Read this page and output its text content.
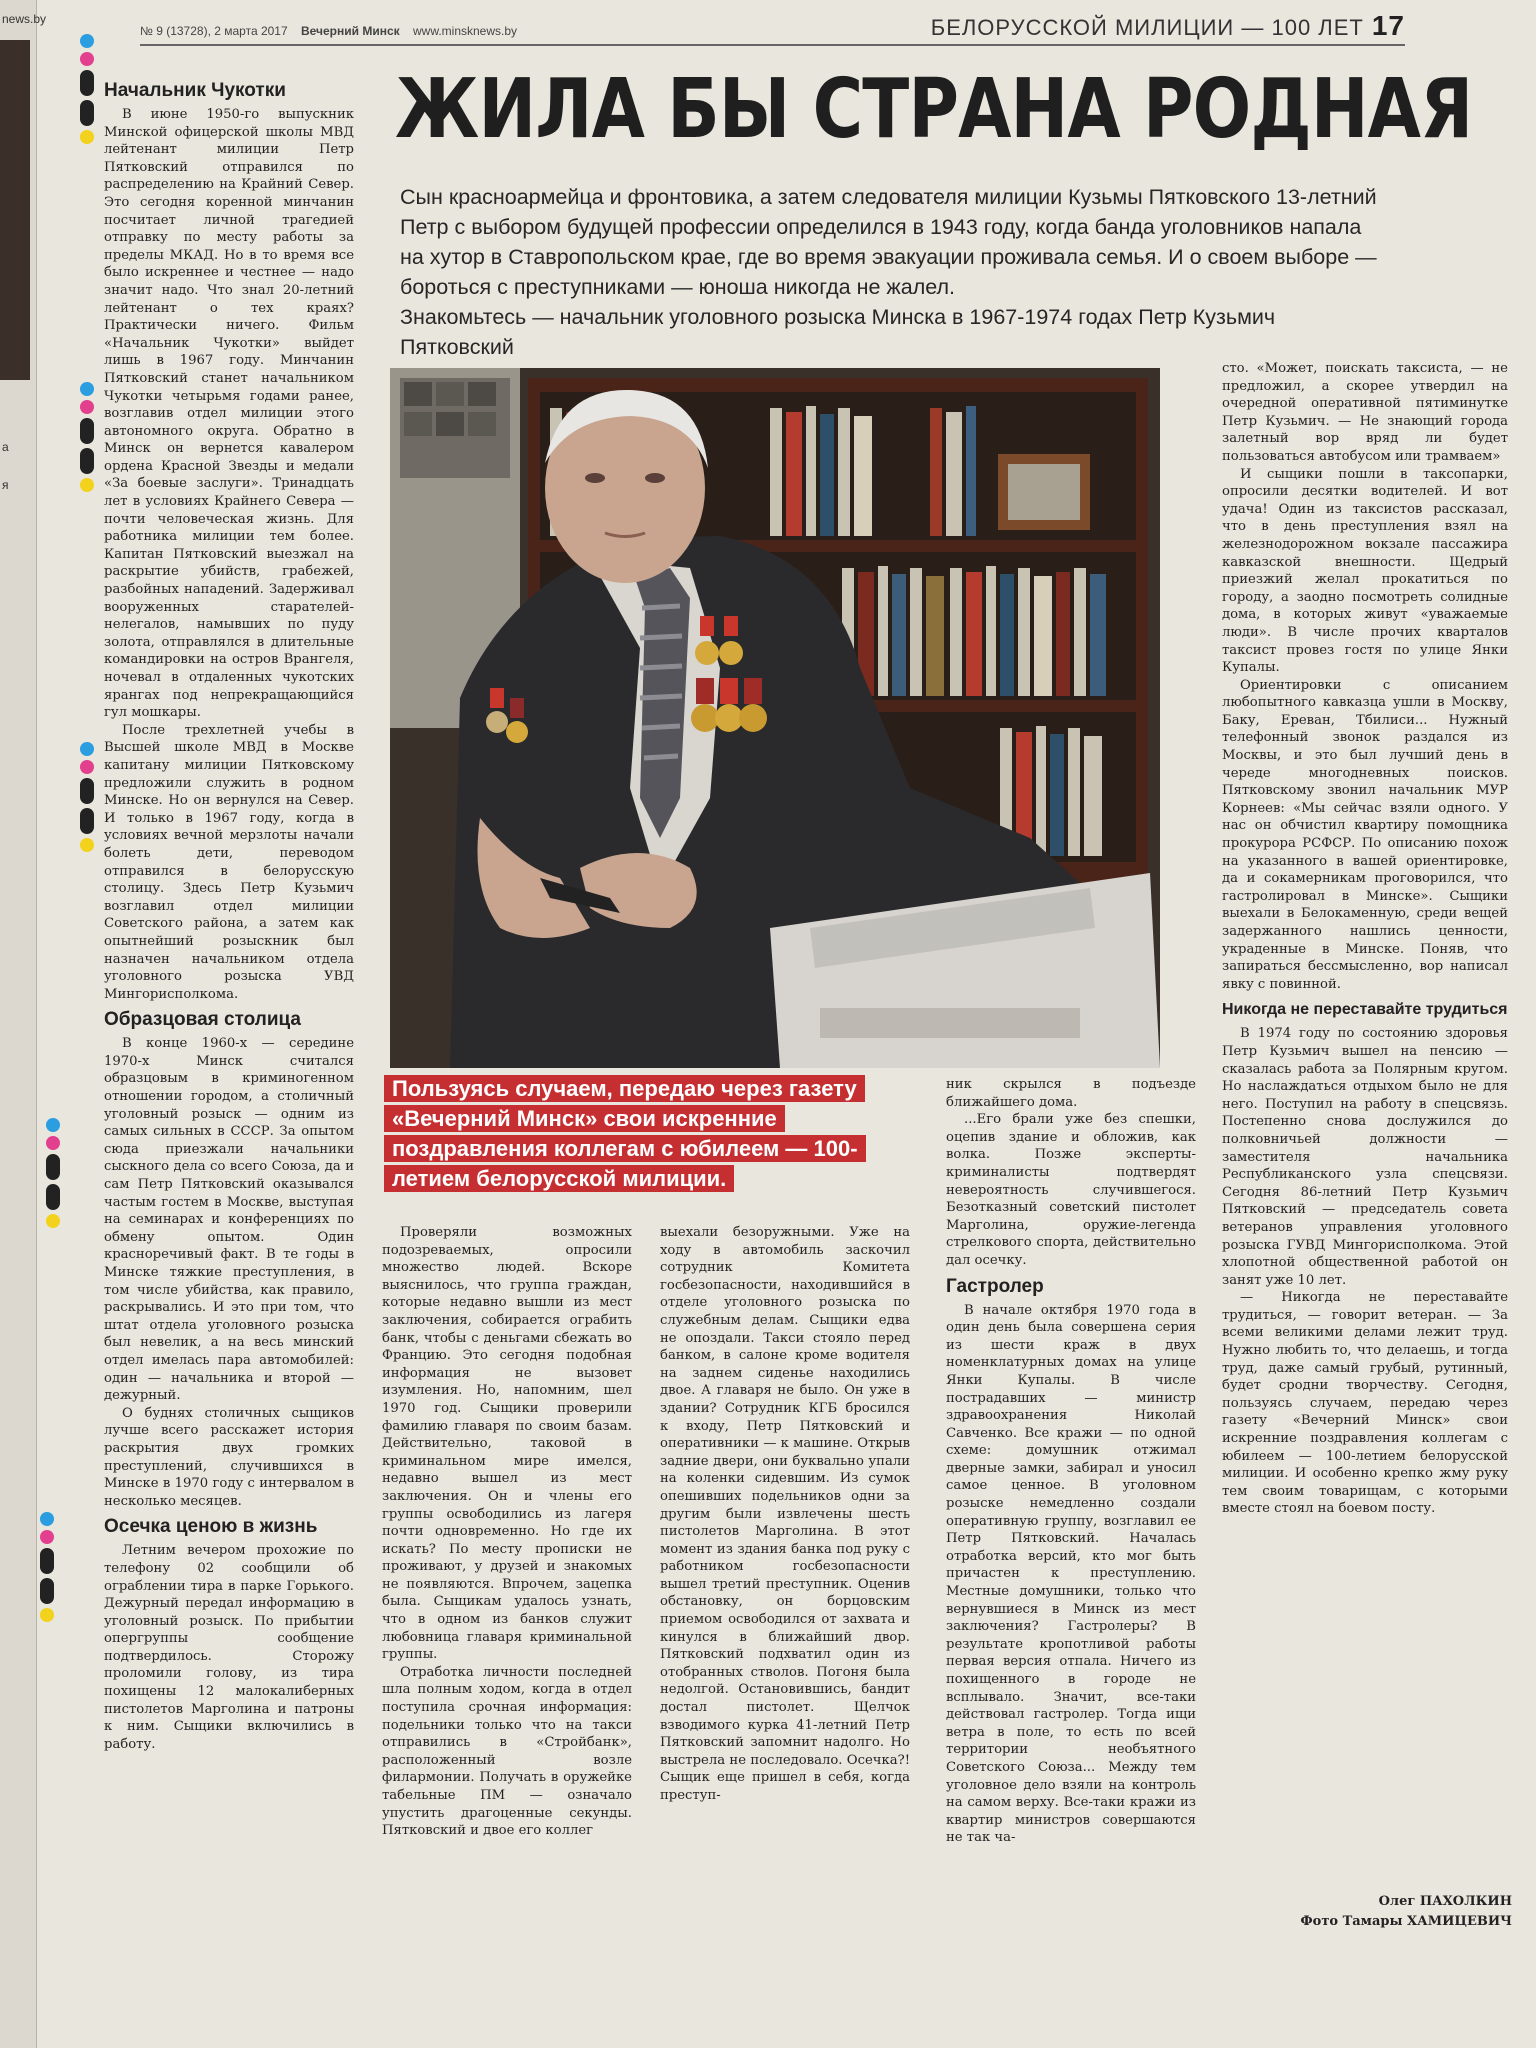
news.by
а
я
№ 9 (13728), 2 марта 2017 Вечерний Минск www.minsknews.by	БЕЛОРУССКОЙ МИЛИЦИИ — 100 ЛЕТ 17
ЖИЛА БЫ СТРАНА РОДНАЯ

Сын красноармейца и фронтовика, а затем следователя милиции Кузьмы Пятковского 13-летний Петр с выбором будущей профессии определился в 1943 году, когда банда уголовников напала на хутор в Ставропольском крае, где во время эвакуации проживала семья. И о своем выборе — бороться с преступниками — юноша никогда не жалел.

Знакомьтесь — начальник уголовного розыска Минска в 1967-1974 годах Петр Кузьмич Пятковский

Начальник Чукотки

В июне 1950-го выпускник Минской офицерской школы МВД лейтенант милиции Петр Пятковский отправился по распределению на Крайний Север. Это сегодня коренной минчанин посчитает личной трагедией отправку по месту работы за пределы МКАД. Но в то время все было искреннее и честнее — надо значит надо. Что знал 20-летний лейтенант о тех краях? Практически ничего. Фильм «Начальник Чукотки» выйдет лишь в 1967 году. Минчанин Пятковский станет начальником Чукотки четырьмя годами ранее, возглавив отдел милиции этого автономного округа. Обратно в Минск он вернется кавалером ордена Красной Звезды и медали «За боевые заслуги». Тринадцать лет в условиях Крайнего Севера — почти человеческая жизнь. Для работника милиции тем более. Капитан Пятковский выезжал на раскрытие убийств, грабежей, разбойных нападений. Задерживал вооруженных старателей-нелегалов, намывших по пуду золота, отправлялся в длительные командировки на остров Врангеля, ночевал в отдаленных чукотских ярангах под непрекращающийся гул мошкары.

После трехлетней учебы в Высшей школе МВД в Москве капитану милиции Пятковскому предложили служить в родном Минске. Но он вернулся на Север. И только в 1967 году, когда в условиях вечной мерзлоты начали болеть дети, переводом отправился в белорусскую столицу. Здесь Петр Кузьмич возглавил отдел милиции Советского района, а затем как опытнейший розыскник был назначен начальником отдела уголовного розыска УВД Мингорисполкома.

Образцовая столица

В конце 1960-х — середине 1970-х Минск считался образцовым в криминогенном отношении городом, а столичный уголовный розыск — одним из самых сильных в СССР. За опытом сюда приезжали начальники сыскного дела со всего Союза, да и сам Петр Пятковский оказывался частым гостем в Москве, выступая на семинарах и конференциях по обмену опытом. Один красноречивый факт. В те годы в Минске тяжкие преступления, в том числе убийства, как правило, раскрывались. И это при том, что штат отдела уголовного розыска был невелик, а на весь минский отдел имелась пара автомобилей: один — начальника и второй — дежурный.

О буднях столичных сыщиков лучше всего расскажет история раскрытия двух громких преступлений, случившихся в Минске в 1970 году с интервалом в несколько месяцев.

Осечка ценою в жизнь

Летним вечером прохожие по телефону 02 сообщили об ограблении тира в парке Горького. Дежурный передал информацию в уголовный розыск. По прибытии опергруппы сообщение подтвердилось. Сторожу проломили голову, из тира похищены 12 малокалиберных пистолетов Марголина и патроны к ним. Сыщики включились в работу.

Пользуясь случаем, передаю через газету «Вечерний Минск» свои искренние поздравления коллегам с юбилеем — 100-летием белорусской милиции.

Проверяли возможных подозреваемых, опросили множество людей. Вскоре выяснилось, что группа граждан, которые недавно вышли из мест заключения, собирается ограбить банк, чтобы с деньгами сбежать во Францию. Это сегодня подобная информация не вызовет изумления. Но, напомним, шел 1970 год. Сыщики проверили фамилию главаря по своим базам. Действительно, таковой в криминальном мире имелся, недавно вышел из мест заключения. Он и члены его группы освободились из лагеря почти одновременно. Но где их искать? По месту прописки не проживают, у друзей и знакомых не появляются. Впрочем, зацепка была. Сыщикам удалось узнать, что в одном из банков служит любовница главаря криминальной группы.

Отработка личности последней шла полным ходом, когда в отдел поступила срочная информация: подельники только что на такси отправились в «Стройбанк», расположенный возле филармонии. Получать в оружейке табельные ПМ — означало упустить драгоценные секунды. Пятковский и двое его коллег

выехали безоружными. Уже на ходу в автомобиль заскочил сотрудник Комитета госбезопасности, находившийся в отделе уголовного розыска по служебным делам. Сыщики едва не опоздали. Такси стояло перед банком, в салоне кроме водителя на заднем сиденье находились двое. А главаря не было. Он уже в здании? Сотрудник КГБ бросился к входу, Петр Пятковский и оперативники — к машине. Открыв задние двери, они буквально упали на коленки сидевшим. Из сумок опешивших подельников одни за другим были извлечены шесть пистолетов Марголина. В этот момент из здания банка под руку с работником госбезопасности вышел третий преступник. Оценив обстановку, он борцовским приемом освободился от захвата и кинулся в ближайший двор. Пятковский подхватил один из отобранных стволов. Погоня была недолгой. Остановившись, бандит достал пистолет. Щелчок взводимого курка 41-летний Петр Пятковский запомнит надолго. Но выстрела не последовало. Осечка?! Сыщик еще пришел в себя, когда преступ-

ник скрылся в подъезде ближайшего дома.

...Его брали уже без спешки, оцепив здание и обложив, как волка. Позже эксперты-криминалисты подтвердят невероятность случившегося. Безотказный советский пистолет Марголина, оружие-легенда стрелкового спорта, действительно дал осечку.

Гастролер

В начале октября 1970 года в один день была совершена серия из шести краж в двух номенклатурных домах на улице Янки Купалы. В числе пострадавших — министр здравоохранения Николай Савченко. Все кражи — по одной схеме: домушник отжимал дверные замки, забирал и уносил самое ценное. В уголовном розыске немедленно создали оперативную группу, возглавил ее Петр Пятковский. Началась отработка версий, кто мог быть причастен к преступлению. Местные домушники, только что вернувшиеся в Минск из мест заключения? Гастролеры? В результате кропотливой работы первая версия отпала. Ничего из похищенного в городе не всплывало. Значит, все-таки действовал гастролер. Тогда ищи ветра в поле, то есть по всей территории необъятного Советского Союза... Между тем уголовное дело взяли на контроль на самом верху. Все-таки кражи из квартир министров совершаются не так ча-

сто. «Может, поискать таксиста, — не предложил, а скорее утвердил на очередной оперативной пятиминутке Петр Кузьмич. — Не знающий города залетный вор вряд ли будет пользоваться автобусом или трамваем»

И сыщики пошли в таксопарки, опросили десятки водителей. И вот удача! Один из таксистов рассказал, что в день преступления взял на железнодорожном вокзале пассажира кавказской внешности. Щедрый приезжий желал прокатиться по городу, а заодно посмотреть солидные дома, в которых живут «уважаемые люди». В числе прочих кварталов таксист провез гостя по улице Янки Купалы.

Ориентировки с описанием любопытного кавказца ушли в Москву, Баку, Ереван, Тбилиси... Нужный телефонный звонок раздался из Москвы, и это был лучший день в череде многодневных поисков. Пятковскому звонил начальник МУР Корнеев: «Мы сейчас взяли одного. У нас он обчистил квартиру помощника прокурора РСФСР. По описанию похож на указанного в вашей ориентировке, да и сокамерникам проговорился, что гастролировал в Минске». Сыщики выехали в Белокаменную, среди вещей задержанного нашлись ценности, украденные в Минске. Поняв, что запираться бессмысленно, вор написал явку с повинной.

Никогда не переставайте трудиться

В 1974 году по состоянию здоровья Петр Кузьмич вышел на пенсию — сказалась работа за Полярным кругом. Но наслаждаться отдыхом было не для него. Поступил на работу в спецсвязь. Постепенно снова дослужился до полковничьей должности — заместителя начальника Республиканского узла спецсвязи. Сегодня 86-летний Петр Кузьмич Пятковский — председатель совета ветеранов управления уголовного розыска ГУВД Мингорисполкома. Этой хлопотной общественной работой он занят уже 10 лет.

— Никогда не переставайте трудиться, — говорит ветеран. — За всеми великими делами лежит труд. Нужно любить то, что делаешь, и тогда труд, даже самый грубый, рутинный, будет сродни творчеству. Сегодня, пользуясь случаем, передаю через газету «Вечерний Минск» свои искренние поздравления коллегам с юбилеем — 100-летием белорусской милиции. И особенно крепко жму руку тем своим товарищам, с которыми вместе стоял на боевом посту.

Олег ПАХОЛКИН
Фото Тамары ХАМИЦЕВИЧ
